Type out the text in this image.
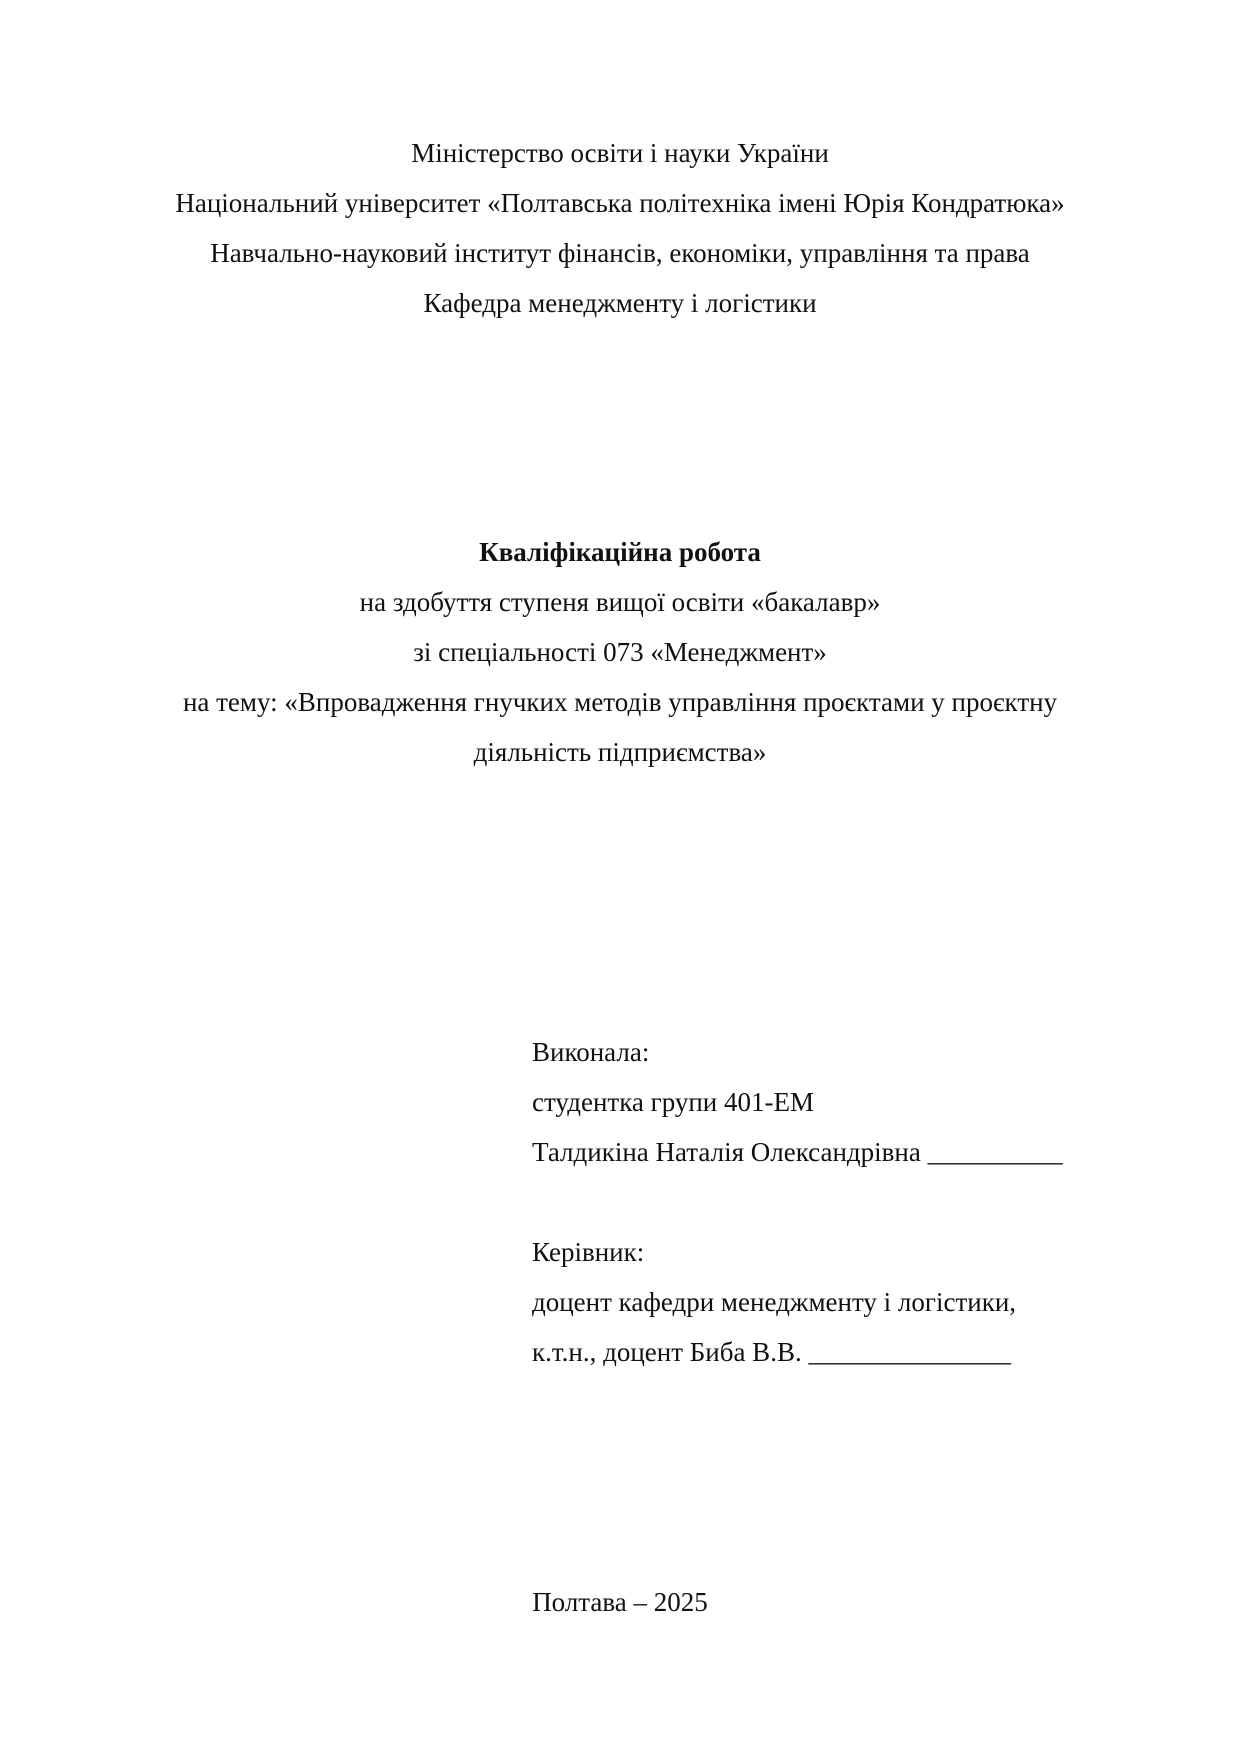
Міністерство освіти і науки України
Національний університет «Полтавська політехніка імені Юрія Кондратюка»
Навчально-науковий інститут фінансів, економіки, управління та права
Кафедра менеджменту і логістики
Кваліфікаційна робота
на здобуття ступеня вищої освіти «бакалавр»
зі спеціальності 073 «Менеджмент»
на тему: «Впровадження гнучких методів управління проєктами у проєктну
діяльність підприємства»
Виконала:
студентка групи 401-ЕМ
Талдикіна Наталія Олександрівна __________
Керівник:
доцент кафедри менеджменту і логістики,
к.т.н., доцент Биба В.В. _______________
Полтава – 2025
